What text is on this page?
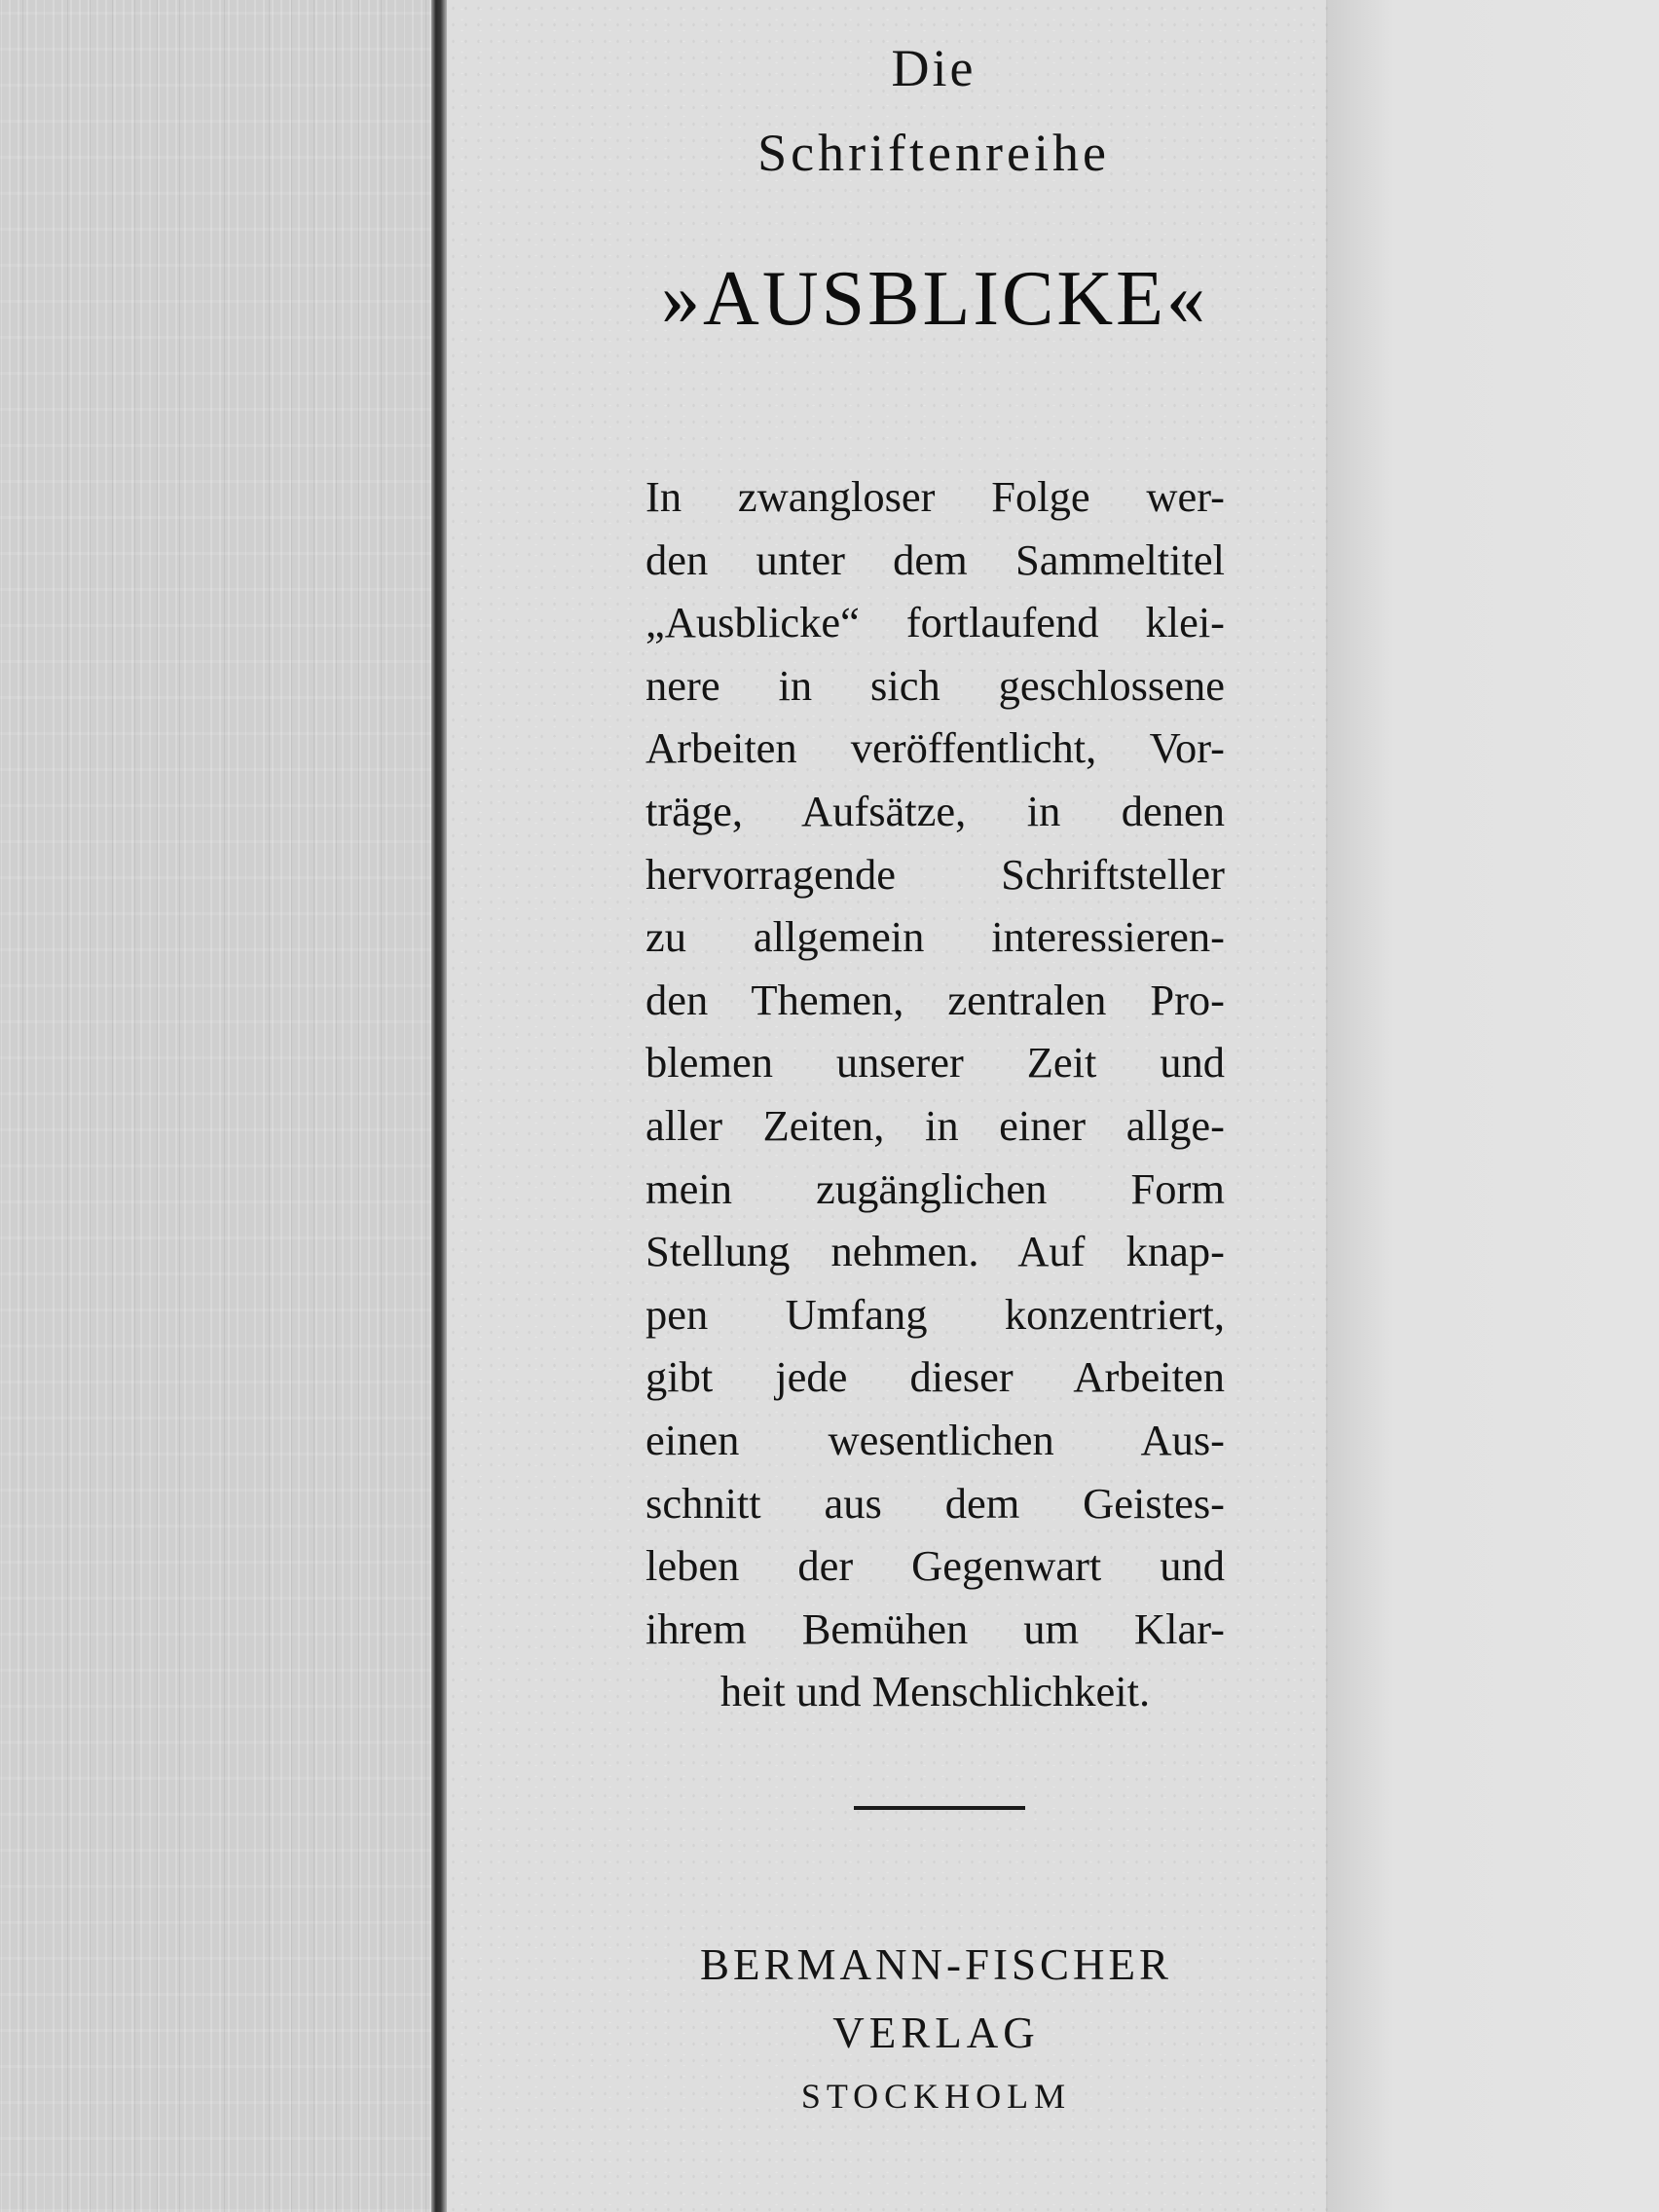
Die
Schriftenreihe
»AUSBLICKE«
In zwangloser Folge wer-
den unter dem Sammeltitel
„Ausblicke“ fortlaufend klei-
nere in sich geschlossene
Arbeiten veröffentlicht, Vor-
träge, Aufsätze, in denen
hervorragende Schriftsteller
zu allgemein interessieren-
den Themen, zentralen Pro-
blemen unserer Zeit und
aller Zeiten, in einer allge-
mein zugänglichen Form
Stellung nehmen. Auf knap-
pen Umfang konzentriert,
gibt jede dieser Arbeiten
einen wesentlichen Aus-
schnitt aus dem Geistes-
leben der Gegenwart und
ihrem Bemühen um Klar-
heit und Menschlichkeit.
BERMANN-FISCHER
VERLAG
STOCKHOLM
